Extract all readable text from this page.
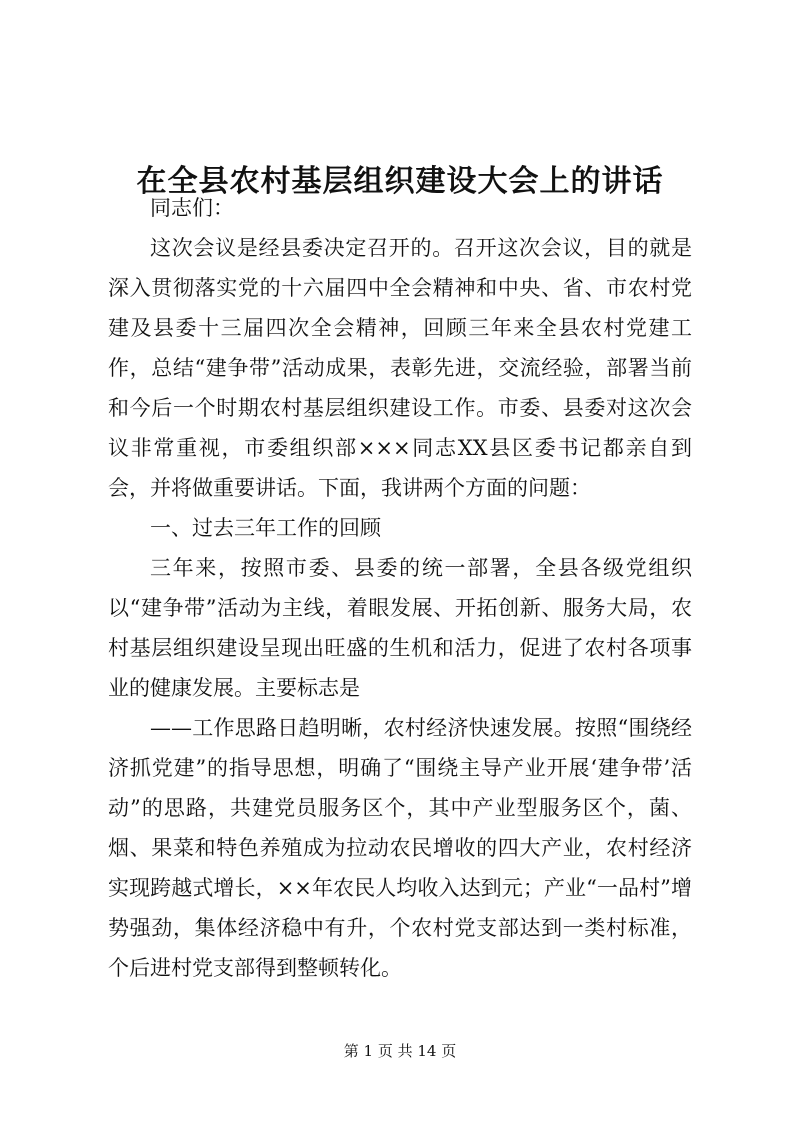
在全县农村基层组织建设大会上的讲话

同志们：

这次会议是经县委决定召开的。召开这次会议，目的就是深入贯彻落实党的十六届四中全会精神和中央、省、市农村党建及县委十三届四次全会精神，回顾三年来全县农村党建工作，总结“建争带”活动成果，表彰先进，交流经验，部署当前和今后一个时期农村基层组织建设工作。市委、县委对这次会议非常重视，市委组织部×××同志XX县区委书记都亲自到会，并将做重要讲话。下面，我讲两个方面的问题：

一、过去三年工作的回顾

三年来，按照市委、县委的统一部署，全县各级党组织以“建争带”活动为主线，着眼发展、开拓创新、服务大局，农村基层组织建设呈现出旺盛的生机和活力，促进了农村各项事业的健康发展。主要标志是

——工作思路日趋明晰，农村经济快速发展。按照“围绕经济抓党建”的指导思想，明确了“围绕主导产业开展‘建争带’活动”的思路，共建党员服务区个，其中产业型服务区个，菌、烟、果菜和特色养殖成为拉动农民增收的四大产业，农村经济实现跨越式增长，××年农民人均收入达到元；产业“一品村”增势强劲，集体经济稳中有升，个农村党支部达到一类村标准，个后进村党支部得到整顿转化。

第 1 页 共 14 页
